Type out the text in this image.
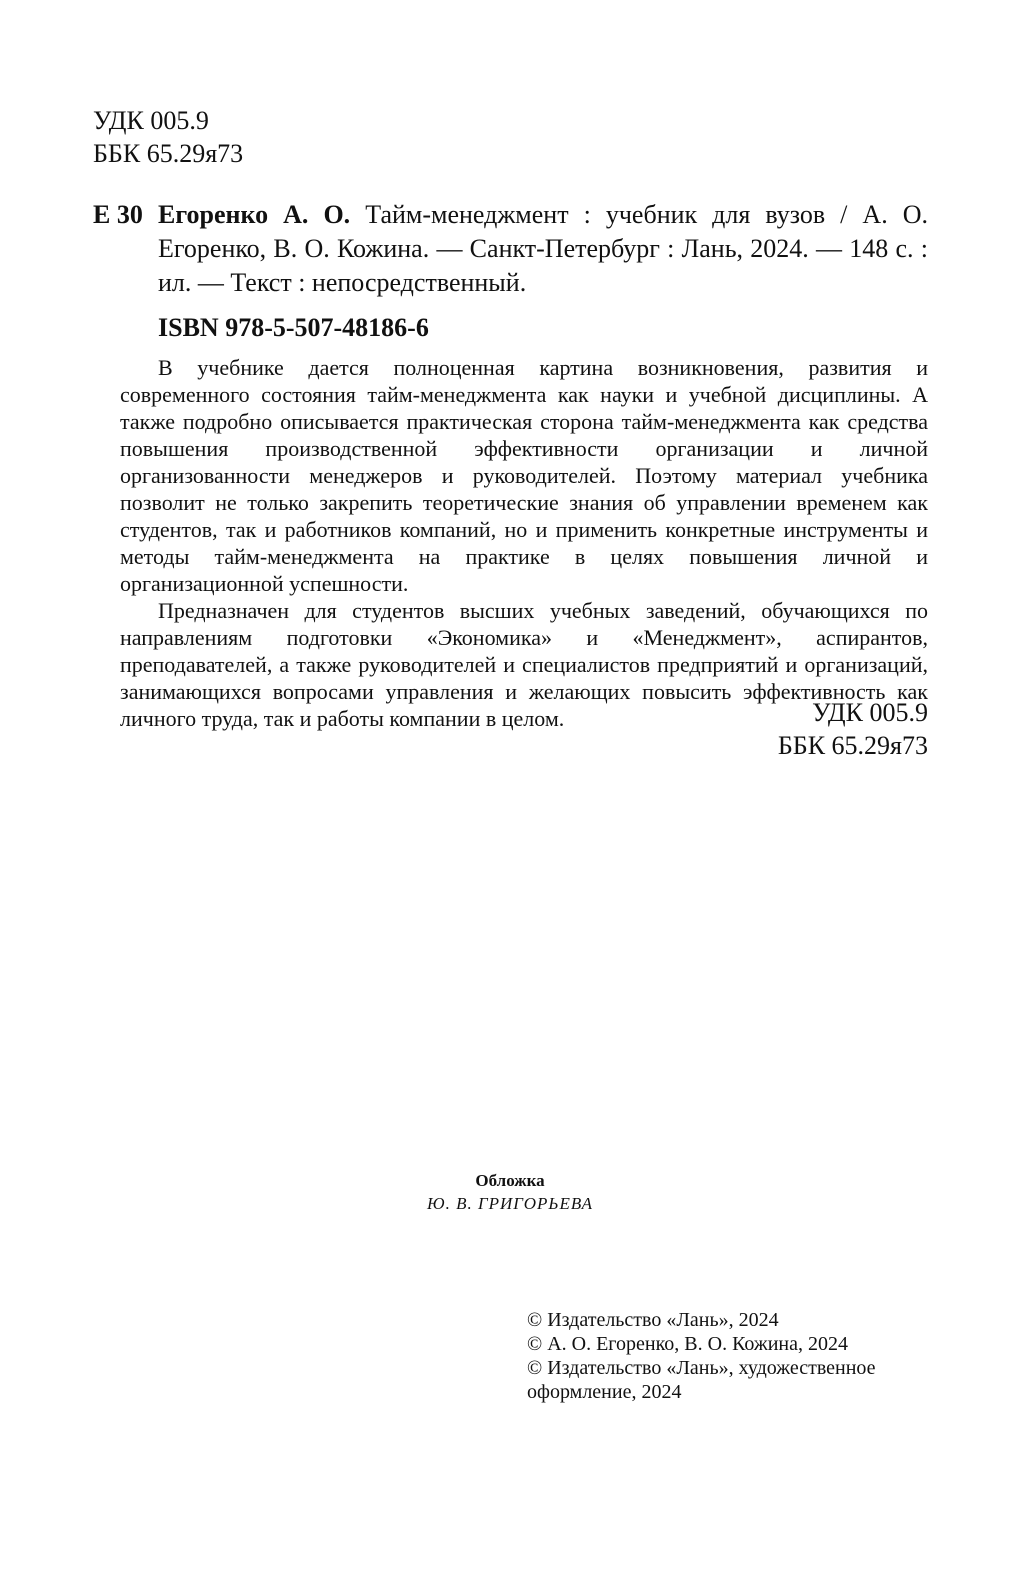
УДК 005.9
ББК 65.29я73
Е 30 Егоренко А. О. Тайм-менеджмент : учебник для вузов / А. О. Егоренко, В. О. Кожина. — Санкт-Петербург : Лань, 2024. — 148 с. : ил. — Текст : непосредственный.
ISBN 978-5-507-48186-6

В учебнике дается полноценная картина возникновения, развития и современного состояния тайм-менеджмента как науки и учебной дисциплины. А также подробно описывается практическая сторона тайм-менеджмента как средства повышения производственной эффективности организации и личной организованности менеджеров и руководителей. Поэтому материал учебника позволит не только закрепить теоретические знания об управлении временем как студентов, так и работников компаний, но и применить конкретные инструменты и методы тайм-менеджмента на практике в целях повышения личной и организационной успешности.

Предназначен для студентов высших учебных заведений, обучающихся по направлениям подготовки «Экономика» и «Менеджмент», аспирантов, преподавателей, а также руководителей и специалистов предприятий и организаций, занимающихся вопросами управления и желающих повысить эффективность как личного труда, так и работы компании в целом.	УДК 005.9
ББК 65.29я73
Обложка
Ю. В. ГРИГОРЬЕВА
© Издательство «Лань», 2024
© А. О. Егоренко, В. О. Кожина, 2024
© Издательство «Лань», художественное
оформление, 2024
